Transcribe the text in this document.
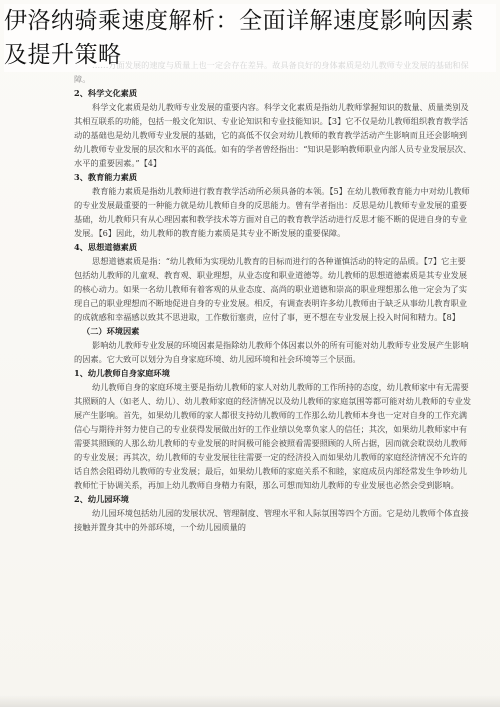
伊洛纳骑乘速度解析：全面详解速度影响因素及提升策略

障。

2、科学文化素质

科学文化素质是幼儿教师专业发展的重要内容。科学文化素质是指幼儿教师掌握知识的数量、质量类别及其相互联系的功能，包括一般文化知识、专业论知识和专业技能知识。【3】它不仅是幼儿教师组织教育教学活动的基础也是幼儿教师专业发展的基础，它的高低不仅会对幼儿教师的教育教学活动产生影响而且还会影响到幼儿教师专业发展的层次和水平的高低。如有的学者曾经指出：“知识是影响教师职业内部人员专业发展层次、水平的重要因素。”【4】

3、教育能力素质

教育能力素质是指幼儿教师进行教育教学活动所必须具备的本领。【5】在幼儿教师教育能力中对幼儿教师的专业发展最重要的一种能力就是幼儿教师自身的反思能力。曾有学者指出：反思是幼儿教师专业发展的重要基础，幼儿教师只有从心理因素和教学技术等方面对自己的教育教学活动进行反思才能不断的促进自身的专业发展。【6】因此，幼儿教师的教育能力素质是其专业不断发展的重要保障。

4、思想道德素质

思想道德素质是指：“幼儿教师为实现幼儿教育的目标而进行的各种谨慎活动的特定的品质。【7】它主要包括幼儿教师的儿童观、教育观、职业理想，从业态度和职业道德等。幼儿教师的思想道德素质是其专业发展的核心动力。如果一名幼儿教师有着客观的从业态度、高尚的职业道德和崇高的职业理想那么他一定会为了实现自己的职业理想而不断地促进自身的专业发展。相反，有调查表明许多幼儿教师由于缺乏从事幼儿教育职业的成就感和幸福感以致其不思进取，工作敷衍塞责，应付了事，更不想在专业发展上投入时间和精力。【8】

（二）环境因素

影响幼儿教师专业发展的环境因素是指除幼儿教师个体因素以外的所有可能对幼儿教师专业发展产生影响的因素。它大致可以划分为自身家庭环境、幼儿园环境和社会环境等三个层面。

1、幼儿教师自身家庭环境

幼儿教师自身的家庭环境主要是指幼儿教师的家人对幼儿教师的工作所持的态度，幼儿教师家中有无需要其照顾的人（如老人、幼儿）、幼儿教师家庭的经济情况以及幼儿教师的家庭氛围等都可能对幼儿教师的专业发展产生影响。首先，如果幼儿教师的家人都很支持幼儿教师的工作那么幼儿教师本身也一定对自身的工作充满信心与期待并努力使自己的专业获得发展做出好的工作业绩以免辜负家人的信任；其次，如果幼儿教师家中有需要其照顾的人那么幼儿教师的专业发展的时间极可能会被照看需要照顾的人所占据，因而就会耽误幼儿教师的专业发展；再其次，幼儿教师的专业发展往往需要一定的经济投入而如果幼儿教师的家庭经济情况不允许的话自然会阻碍幼儿教师的专业发展；最后，如果幼儿教师的家庭关系不和睦，家庭成员内部经常发生争吵幼儿教师忙于协调关系，再加上幼儿教师自身精力有限，那么可想而知幼儿教师的专业发展也必然会受到影响。

2、幼儿园环境

幼儿园环境包括幼儿园的发展状况、管理制度、管理水平和人际氛围等四个方面。它是幼儿教师个体直接接触并置身其中的外部环境，一个幼儿园质量的
